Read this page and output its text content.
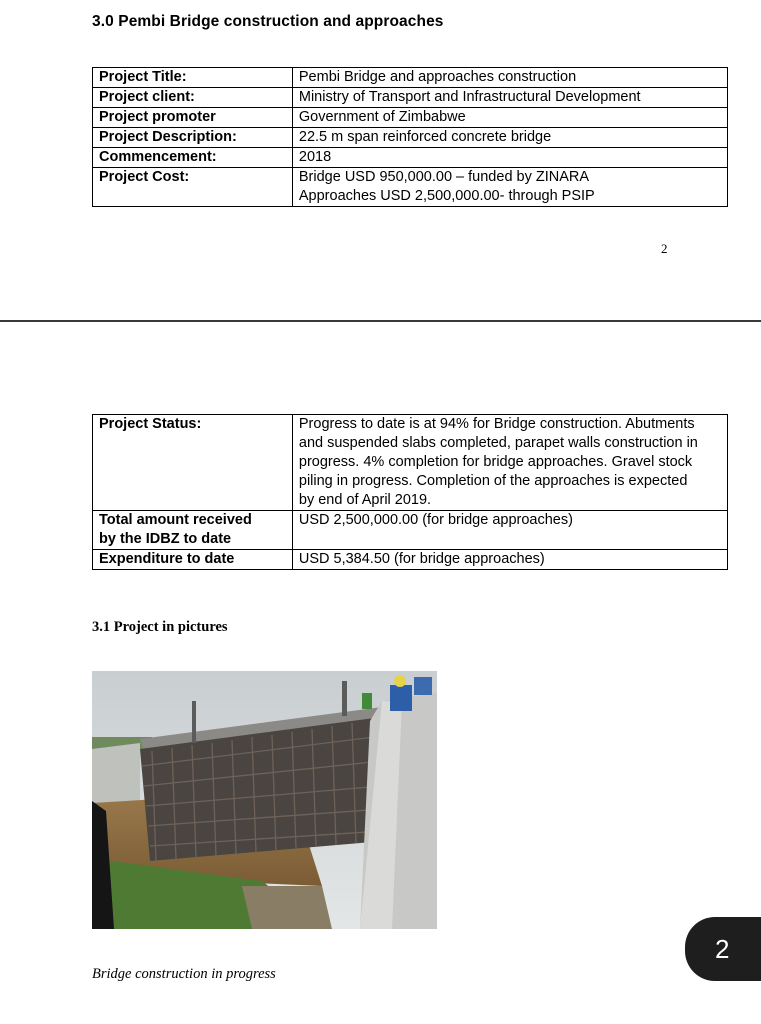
3.0 Pembi Bridge construction and approaches
Project Title:	Pembi Bridge and approaches construction
Project client:	Ministry of Transport and Infrastructural Development
Project promoter	Government of Zimbabwe
Project Description:	22.5 m span reinforced concrete bridge
Commencement:	2018
Project Cost:	Bridge USD 950,000.00 – funded by ZINARA
Approaches USD 2,500,000.00- through PSIP
2
Project Status:	Progress to date is at 94% for Bridge construction. Abutments
and suspended slabs completed, parapet walls construction in
progress. 4% completion for bridge approaches. Gravel stock
piling in progress. Completion of the approaches is expected
by end of April 2019.

Total amount received
by the IDBZ to date	USD 2,500,000.00 (for bridge approaches)
Expenditure to date	USD 5,384.50 (for bridge approaches)
3.1 Project in pictures
Bridge construction in progress
2
